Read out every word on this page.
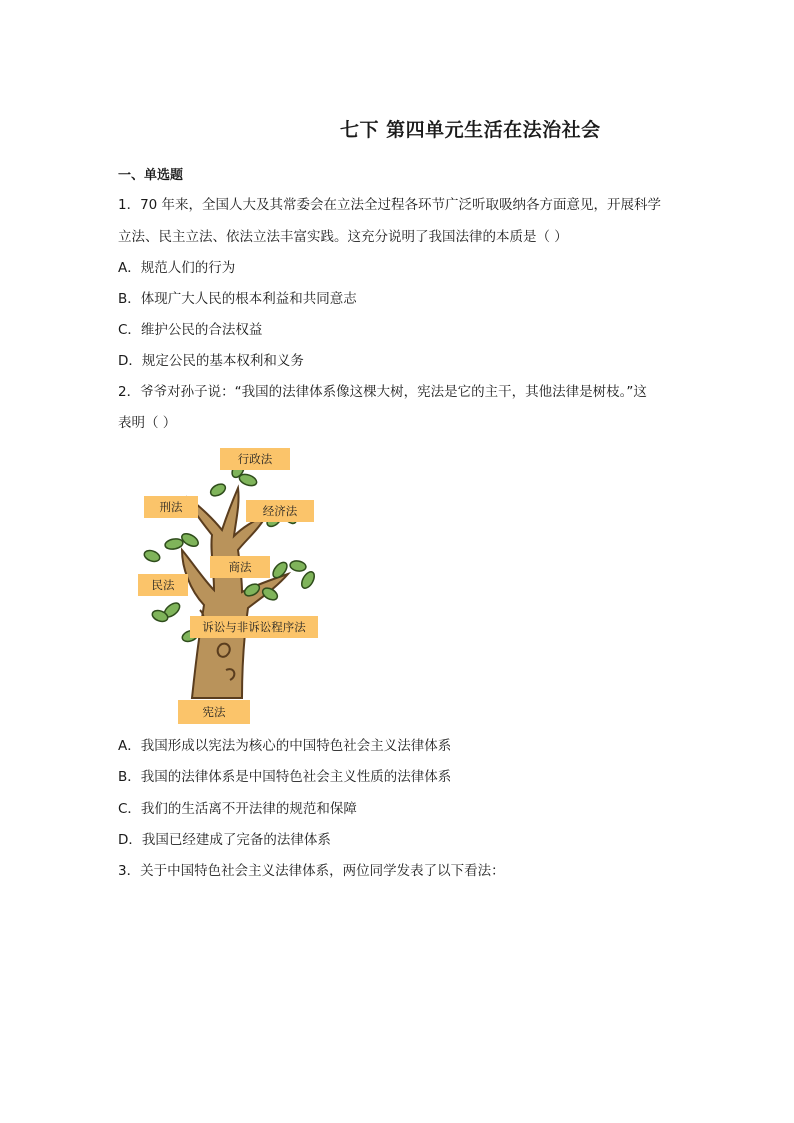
七下 第四单元生活在法治社会
一、单选题
1．70 年来，全国人大及其常委会在立法全过程各环节广泛听取吸纳各方面意见，开展科学
立法、民主立法、依法立法丰富实践。这充分说明了我国法律的本质是（ ）
A．规范人们的行为
B．体现广大人民的根本利益和共同意志
C．维护公民的合法权益
D．规定公民的基本权利和义务
2．爷爷对孙子说：“我国的法律体系像这棵大树，宪法是它的主干，其他法律是树枝。”这
表明（ ）
行政法
刑法	经济法
商法
民法
诉讼与非诉讼程序法
宪法
A．我国形成以宪法为核心的中国特色社会主义法律体系
B．我国的法律体系是中国特色社会主义性质的法律体系
C．我们的生活离不开法律的规范和保障
D．我国已经建成了完备的法律体系
3．关于中国特色社会主义法律体系，两位同学发表了以下看法：
